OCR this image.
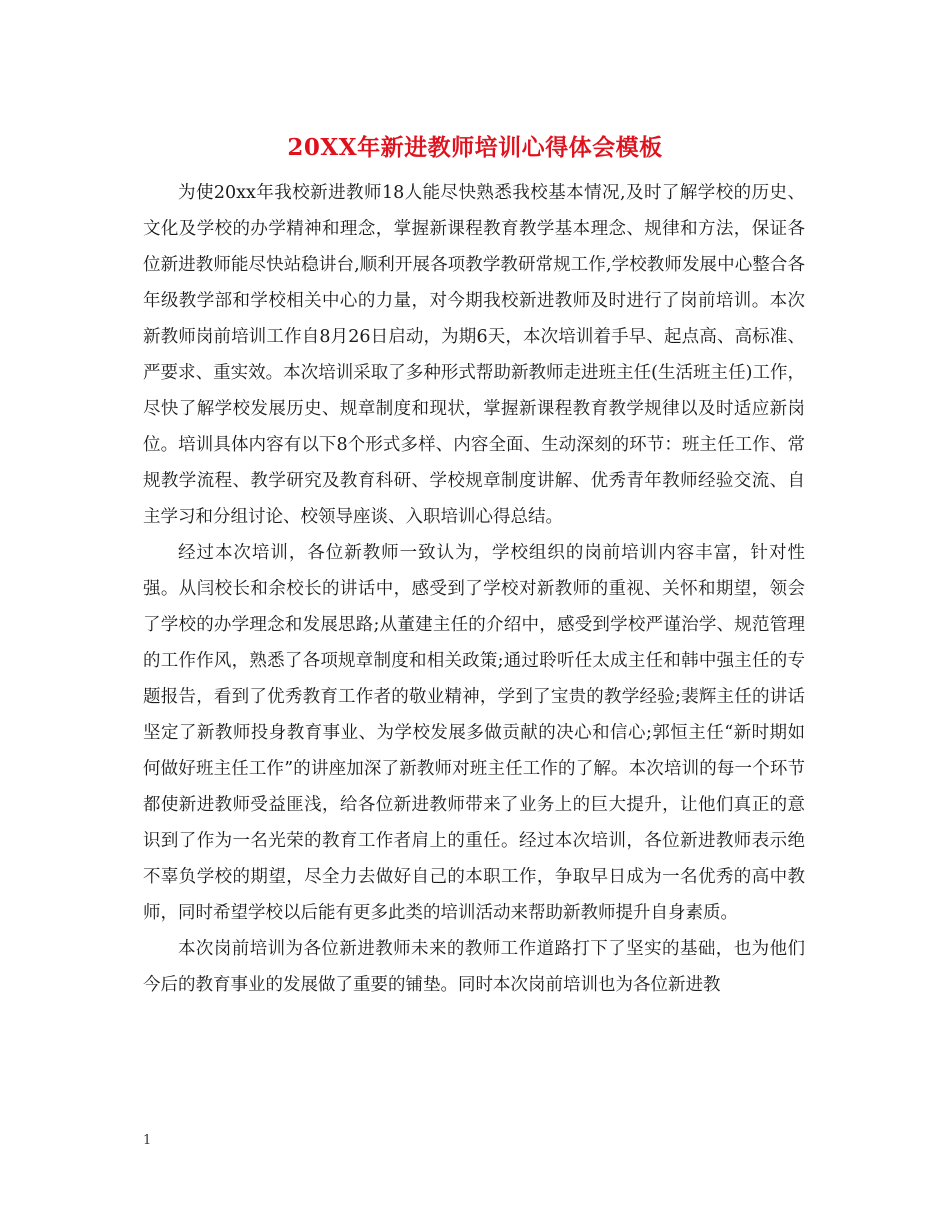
20XX年新进教师培训心得体会模板

为使20xx年我校新进教师18人能尽快熟悉我校基本情况,及时了解学校的历史、文化及学校的办学精神和理念，掌握新课程教育教学基本理念、规律和方法，保证各位新进教师能尽快站稳讲台,顺利开展各项教学教研常规工作,学校教师发展中心整合各年级教学部和学校相关中心的力量，对今期我校新进教师及时进行了岗前培训。本次新教师岗前培训工作自8月26日启动，为期6天，本次培训着手早、起点高、高标准、严要求、重实效。本次培训采取了多种形式帮助新教师走进班主任(生活班主任)工作，尽快了解学校发展历史、规章制度和现状，掌握新课程教育教学规律以及时适应新岗位。培训具体内容有以下8个形式多样、内容全面、生动深刻的环节：班主任工作、常规教学流程、教学研究及教育科研、学校规章制度讲解、优秀青年教师经验交流、自主学习和分组讨论、校领导座谈、入职培训心得总结。

经过本次培训，各位新教师一致认为，学校组织的岗前培训内容丰富，针对性强。从闫校长和余校长的讲话中，感受到了学校对新教师的重视、关怀和期望，领会了学校的办学理念和发展思路;从董建主任的介绍中，感受到学校严谨治学、规范管理的工作作风，熟悉了各项规章制度和相关政策;通过聆听任太成主任和韩中强主任的专题报告，看到了优秀教育工作者的敬业精神，学到了宝贵的教学经验;裴辉主任的讲话坚定了新教师投身教育事业、为学校发展多做贡献的决心和信心;郭恒主任“新时期如何做好班主任工作”的讲座加深了新教师对班主任工作的了解。本次培训的每一个环节都使新进教师受益匪浅，给各位新进教师带来了业务上的巨大提升，让他们真正的意识到了作为一名光荣的教育工作者肩上的重任。经过本次培训，各位新进教师表示绝不辜负学校的期望，尽全力去做好自己的本职工作，争取早日成为一名优秀的高中教师，同时希望学校以后能有更多此类的培训活动来帮助新教师提升自身素质。

本次岗前培训为各位新进教师未来的教师工作道路打下了坚实的基础，也为他们今后的教育事业的发展做了重要的铺垫。同时本次岗前培训也为各位新进教

1
